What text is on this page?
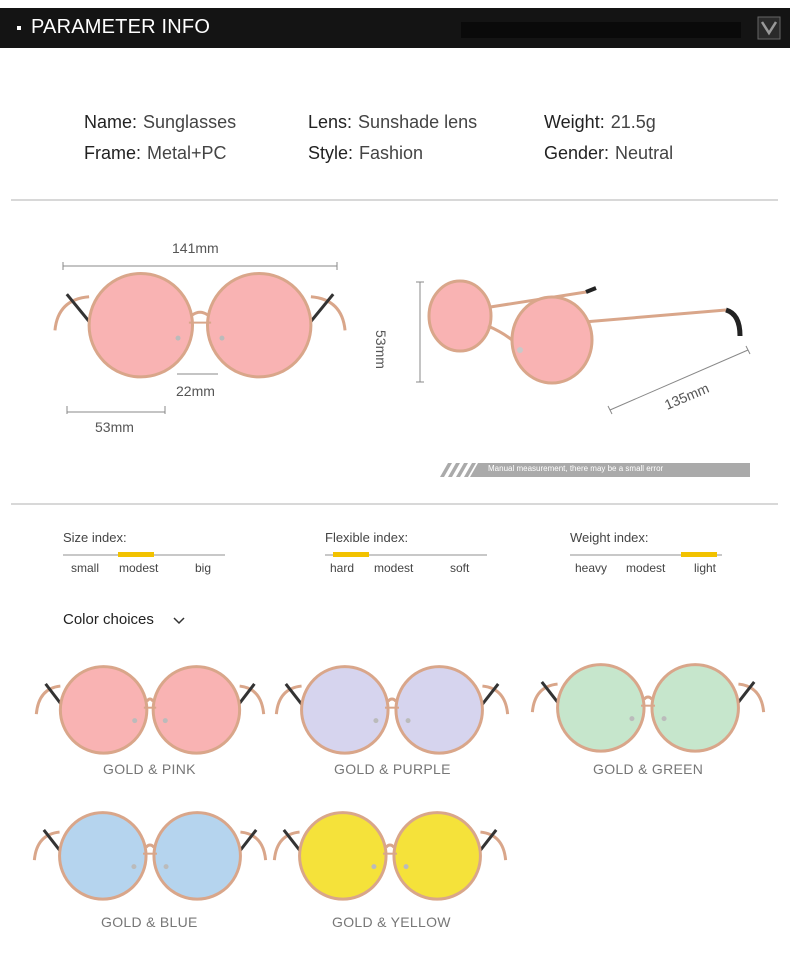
PARAMETER INFO
Name: Sunglasses	Lens: Sunshade lens	Weight: 21.5g
Frame: Metal+PC	Style: Fashion	Gender: Neutral
141mm
22mm
53mm
53mm
135mm
Manual measurement, there may be a small error
Size index:
small modest	big
Flexible index:
hard modest	soft
Weight index:
heavy modest light
Color choices
GOLD & PINK	GOLD & PURPLE	GOLD & GREEN
GOLD & BLUE	GOLD & YELLOW
